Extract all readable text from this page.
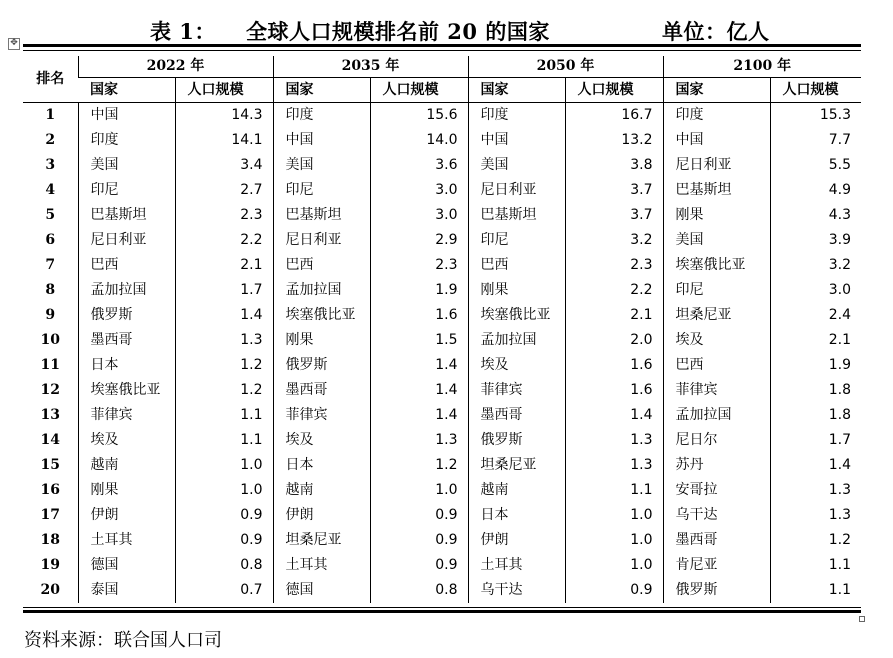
表 1： 全球人口规模排名前 20 的国家	单位：亿人
✥
排名	2022 年		2035 年		2050 年		2100 年	
	国家	人口规模	国家	人口规模	国家	人口规模	国家	人口规模
1	中国	14.3	印度	15.6	印度	16.7	印度	15.3
2	印度	14.1	中国	14.0	中国	13.2	中国	7.7
3	美国	3.4	美国	3.6	美国	3.8	尼日利亚	5.5
4	印尼	2.7	印尼	3.0	尼日利亚	3.7	巴基斯坦	4.9
5	巴基斯坦	2.3	巴基斯坦	3.0	巴基斯坦	3.7	刚果	4.3
6	尼日利亚	2.2	尼日利亚	2.9	印尼	3.2	美国	3.9
7	巴西	2.1	巴西	2.3	巴西	2.3	埃塞俄比亚	3.2
8	孟加拉国	1.7	孟加拉国	1.9	刚果	2.2	印尼	3.0
9	俄罗斯	1.4	埃塞俄比亚	1.6	埃塞俄比亚	2.1	坦桑尼亚	2.4
10	墨西哥	1.3	刚果	1.5	孟加拉国	2.0	埃及	2.1
11	日本	1.2	俄罗斯	1.4	埃及	1.6	巴西	1.9
12	埃塞俄比亚	1.2	墨西哥	1.4	菲律宾	1.6	菲律宾	1.8
13	菲律宾	1.1	菲律宾	1.4	墨西哥	1.4	孟加拉国	1.8
14	埃及	1.1	埃及	1.3	俄罗斯	1.3	尼日尔	1.7
15	越南	1.0	日本	1.2	坦桑尼亚	1.3	苏丹	1.4
16	刚果	1.0	越南	1.0	越南	1.1	安哥拉	1.3
17	伊朗	0.9	伊朗	0.9	日本	1.0	乌干达	1.3
18	土耳其	0.9	坦桑尼亚	0.9	伊朗	1.0	墨西哥	1.2
19	德国	0.8	土耳其	0.9	土耳其	1.0	肯尼亚	1.1
20	泰国	0.7	德国	0.8	乌干达	0.9	俄罗斯	1.1
资料来源：联合国人口司
